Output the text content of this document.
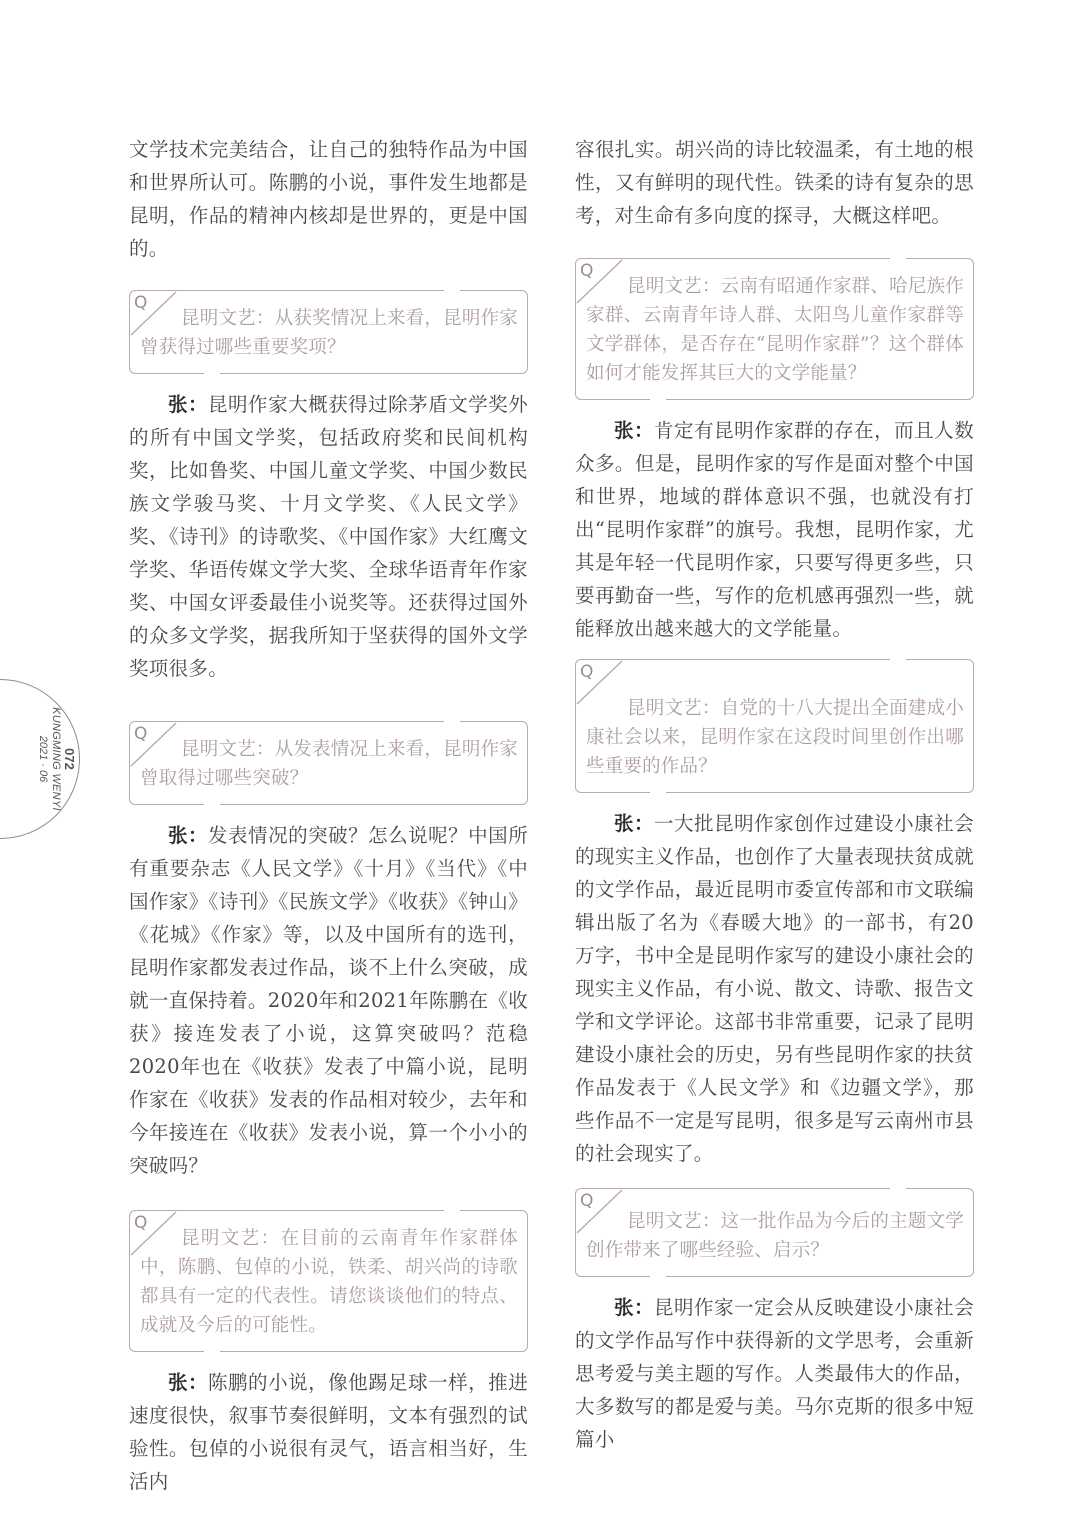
072
KUNGMING WENYI
2021 · 06

文学技术完美结合，让自己的独特作品为中国和世界所认可。陈鹏的小说，事件发生地都是昆明，作品的精神内核却是世界的，更是中国的。

Q
昆明文艺：从获奖情况上来看，昆明作家曾获得过哪些重要奖项？

张：昆明作家大概获得过除茅盾文学奖外的所有中国文学奖，包括政府奖和民间机构奖，比如鲁奖、中国儿童文学奖、中国少数民族文学骏马奖、十月文学奖、《人民文学》奖、《诗刊》的诗歌奖、《中国作家》大红鹰文学奖、华语传媒文学大奖、全球华语青年作家奖、中国女评委最佳小说奖等。还获得过国外的众多文学奖，据我所知于坚获得的国外文学奖项很多。

Q
昆明文艺：从发表情况上来看，昆明作家曾取得过哪些突破？

张：发表情况的突破？怎么说呢？中国所有重要杂志《人民文学》《十月》《当代》《中国作家》《诗刊》《民族文学》《收获》《钟山》《花城》《作家》等，以及中国所有的选刊，昆明作家都发表过作品，谈不上什么突破，成就一直保持着。2020年和2021年陈鹏在《收获》接连发表了小说，这算突破吗？范稳2020年也在《收获》发表了中篇小说，昆明作家在《收获》发表的作品相对较少，去年和今年接连在《收获》发表小说，算一个小小的突破吗？

Q
昆明文艺：在目前的云南青年作家群体中，陈鹏、包倬的小说，铁柔、胡兴尚的诗歌都具有一定的代表性。请您谈谈他们的特点、成就及今后的可能性。

张：陈鹏的小说，像他踢足球一样，推进速度很快，叙事节奏很鲜明，文本有强烈的试验性。包倬的小说很有灵气，语言相当好，生活内

容很扎实。胡兴尚的诗比较温柔，有土地的根性，又有鲜明的现代性。铁柔的诗有复杂的思考，对生命有多向度的探寻，大概这样吧。

Q
昆明文艺：云南有昭通作家群、哈尼族作家群、云南青年诗人群、太阳鸟儿童作家群等文学群体，是否存在“昆明作家群”？这个群体如何才能发挥其巨大的文学能量？

张：肯定有昆明作家群的存在，而且人数众多。但是，昆明作家的写作是面对整个中国和世界，地域的群体意识不强，也就没有打出“昆明作家群”的旗号。我想，昆明作家，尤其是年轻一代昆明作家，只要写得更多些，只要再勤奋一些，写作的危机感再强烈一些，就能释放出越来越大的文学能量。

Q
昆明文艺：自党的十八大提出全面建成小康社会以来，昆明作家在这段时间里创作出哪些重要的作品？

张：一大批昆明作家创作过建设小康社会的现实主义作品，也创作了大量表现扶贫成就的文学作品，最近昆明市委宣传部和市文联编辑出版了名为《春暖大地》的一部书，有20万字，书中全是昆明作家写的建设小康社会的现实主义作品，有小说、散文、诗歌、报告文学和文学评论。这部书非常重要，记录了昆明建设小康社会的历史，另有些昆明作家的扶贫作品发表于《人民文学》和《边疆文学》，那些作品不一定是写昆明，很多是写云南州市县的社会现实了。

Q
昆明文艺：这一批作品为今后的主题文学创作带来了哪些经验、启示？

张：昆明作家一定会从反映建设小康社会的文学作品写作中获得新的文学思考，会重新思考爱与美主题的写作。人类最伟大的作品，大多数写的都是爱与美。马尔克斯的很多中短篇小
